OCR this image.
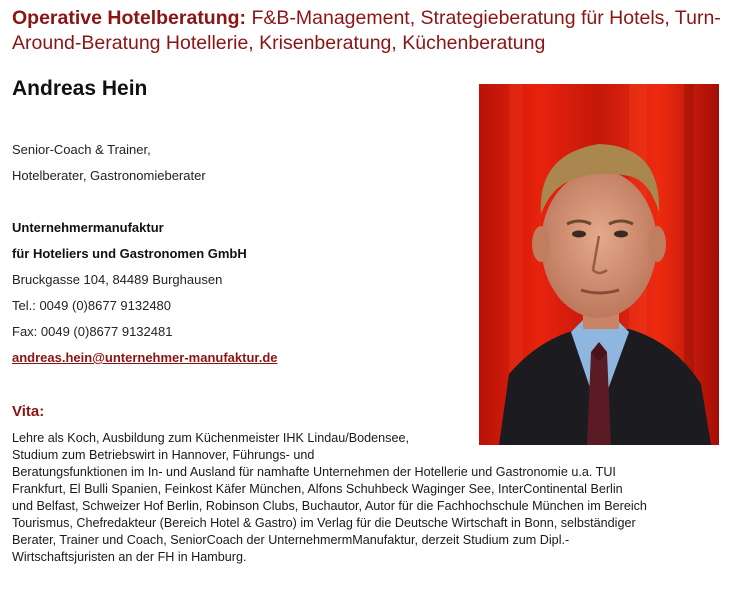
Operative Hotelberatung: F&B-Management, Strategieberatung für Hotels, Turn-Around-Beratung Hotellerie, Krisenberatung, Küchenberatung
Andreas Hein
Senior-Coach & Trainer,
Hotelberater, Gastronomieberater
Unternehmermanufaktur
für Hoteliers und Gastronomen GmbH
Bruckgasse 104, 84489 Burghausen
Tel.: 0049 (0)8677 9132480
Fax: 0049 (0)8677 9132481
andreas.hein@unternehmer-manufaktur.de
Vita:
Lehre als Koch, Ausbildung zum Küchenmeister IHK Lindau/Bodensee,
Studium zum Betriebswirt in Hannover, Führungs- und
Beratungsfunktionen im In- und Ausland für namhafte Unternehmen der Hotellerie und Gastronomie u.a. TUI
Frankfurt, El Bulli Spanien, Feinkost Käfer München, Alfons Schuhbeck Waginger See, InterContinental Berlin
und Belfast, Schweizer Hof Berlin, Robinson Clubs, Buchautor, Autor für die Fachhochschule München im Bereich
Tourismus, Chefredakteur (Bereich Hotel & Gastro) im Verlag für die Deutsche Wirtschaft in Bonn, selbständiger
Berater, Trainer und Coach, SeniorCoach der UnternehmermManufaktur, derzeit Studium zum Dipl.-
Wirtschaftsjuristen an der FH in Hamburg.
